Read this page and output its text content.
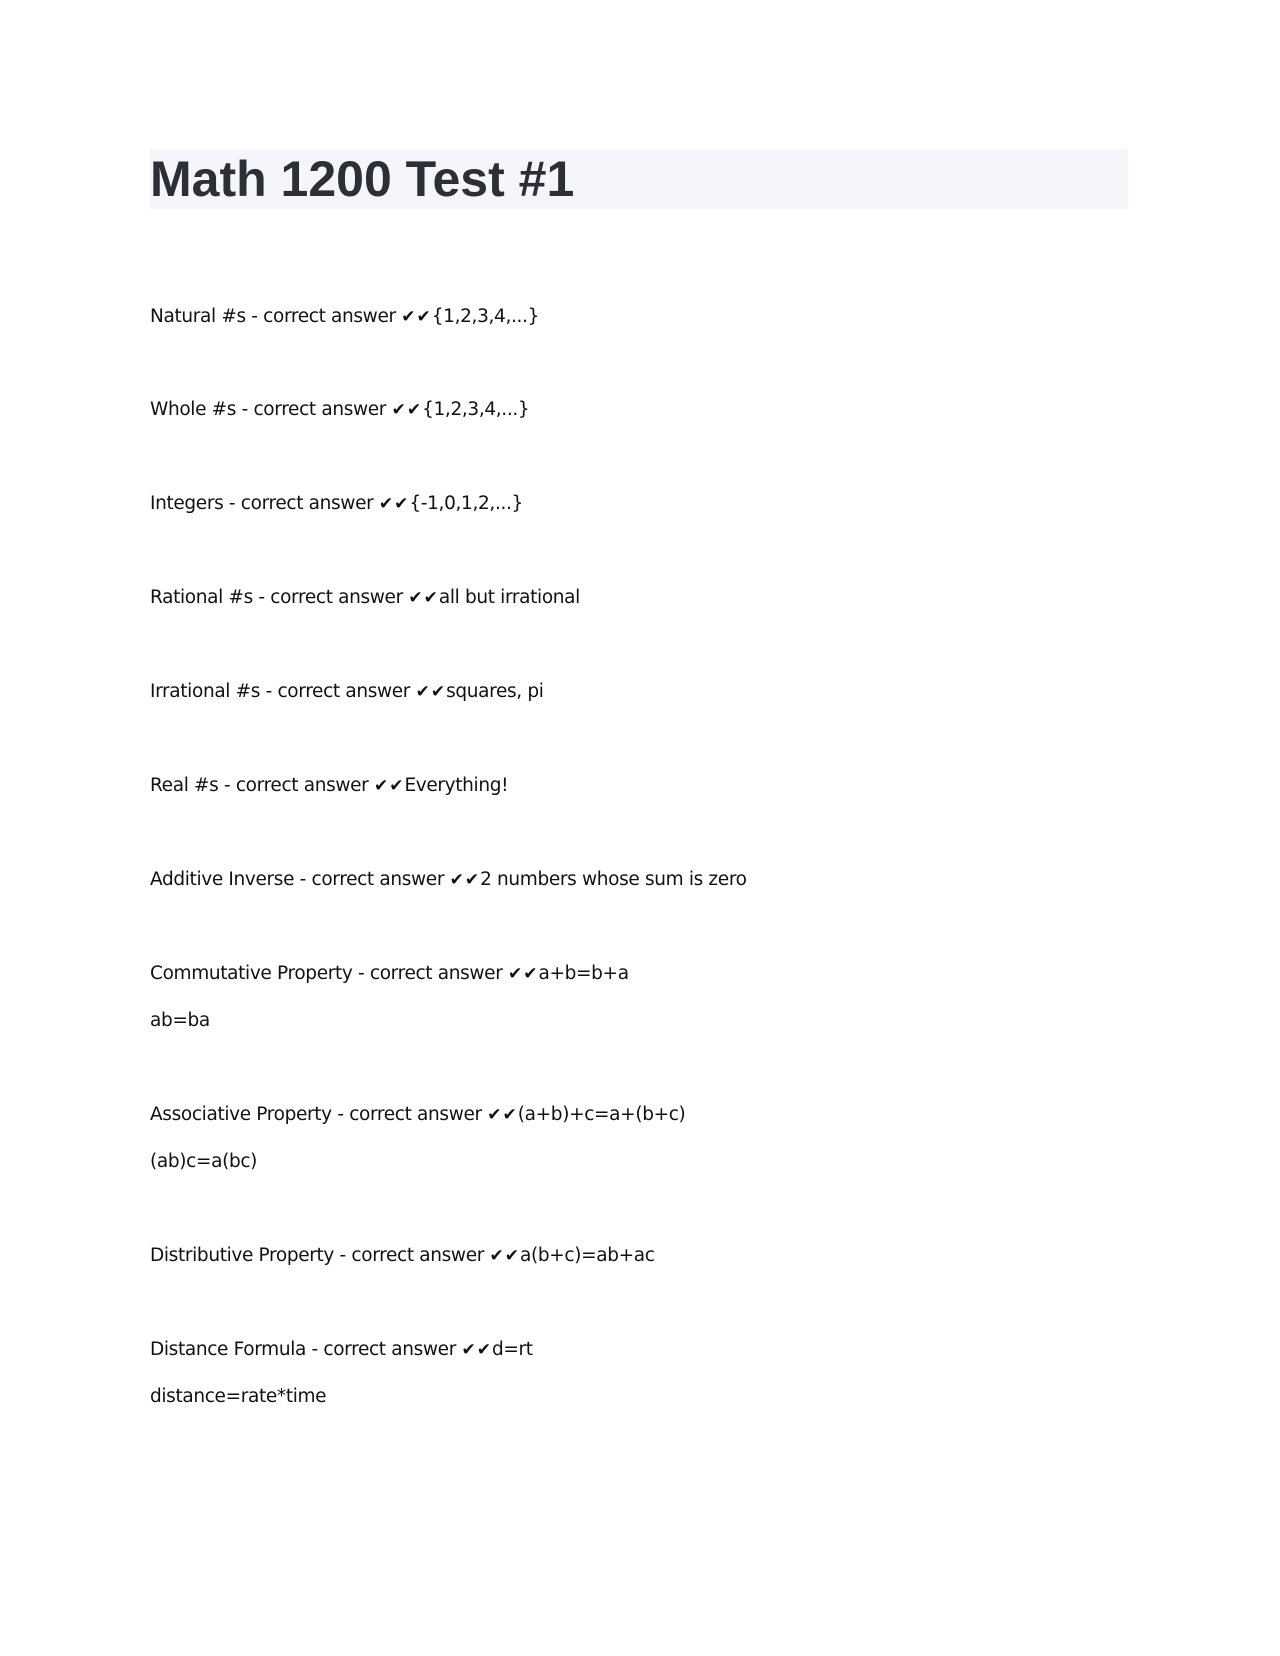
Math 1200 Test #1
Natural #s - correct answer ✔✔{1,2,3,4,...}
Whole #s - correct answer ✔✔{1,2,3,4,...}
Integers - correct answer ✔✔{-1,0,1,2,...}
Rational #s - correct answer ✔✔all but irrational
Irrational #s - correct answer ✔✔squares, pi
Real #s - correct answer ✔✔Everything!
Additive Inverse - correct answer ✔✔2 numbers whose sum is zero
Commutative Property - correct answer ✔✔a+b=b+a
ab=ba
Associative Property - correct answer ✔✔(a+b)+c=a+(b+c)
(ab)c=a(bc)
Distributive Property - correct answer ✔✔a(b+c)=ab+ac
Distance Formula - correct answer ✔✔d=rt
distance=rate*time
